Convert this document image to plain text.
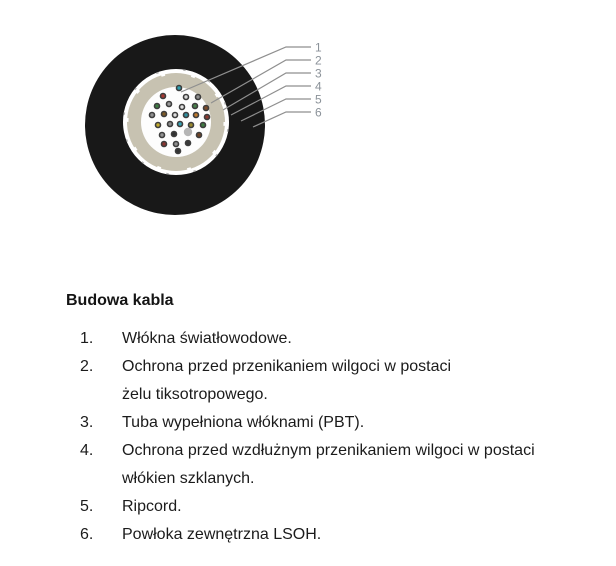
1
2
3
4
5
6
Budowa kabla
1.	Włókna światłowodowe.
2.	Ochrona przed przenikaniem wilgoci w postaci
żelu tiksotropowego.
3.	Tuba wypełniona włóknami (PBT).
4.	Ochrona przed wzdłużnym przenikaniem wilgoci w postaci
włókien szklanych.
5.	Ripcord.
6.	Powłoka zewnętrzna LSOH.
